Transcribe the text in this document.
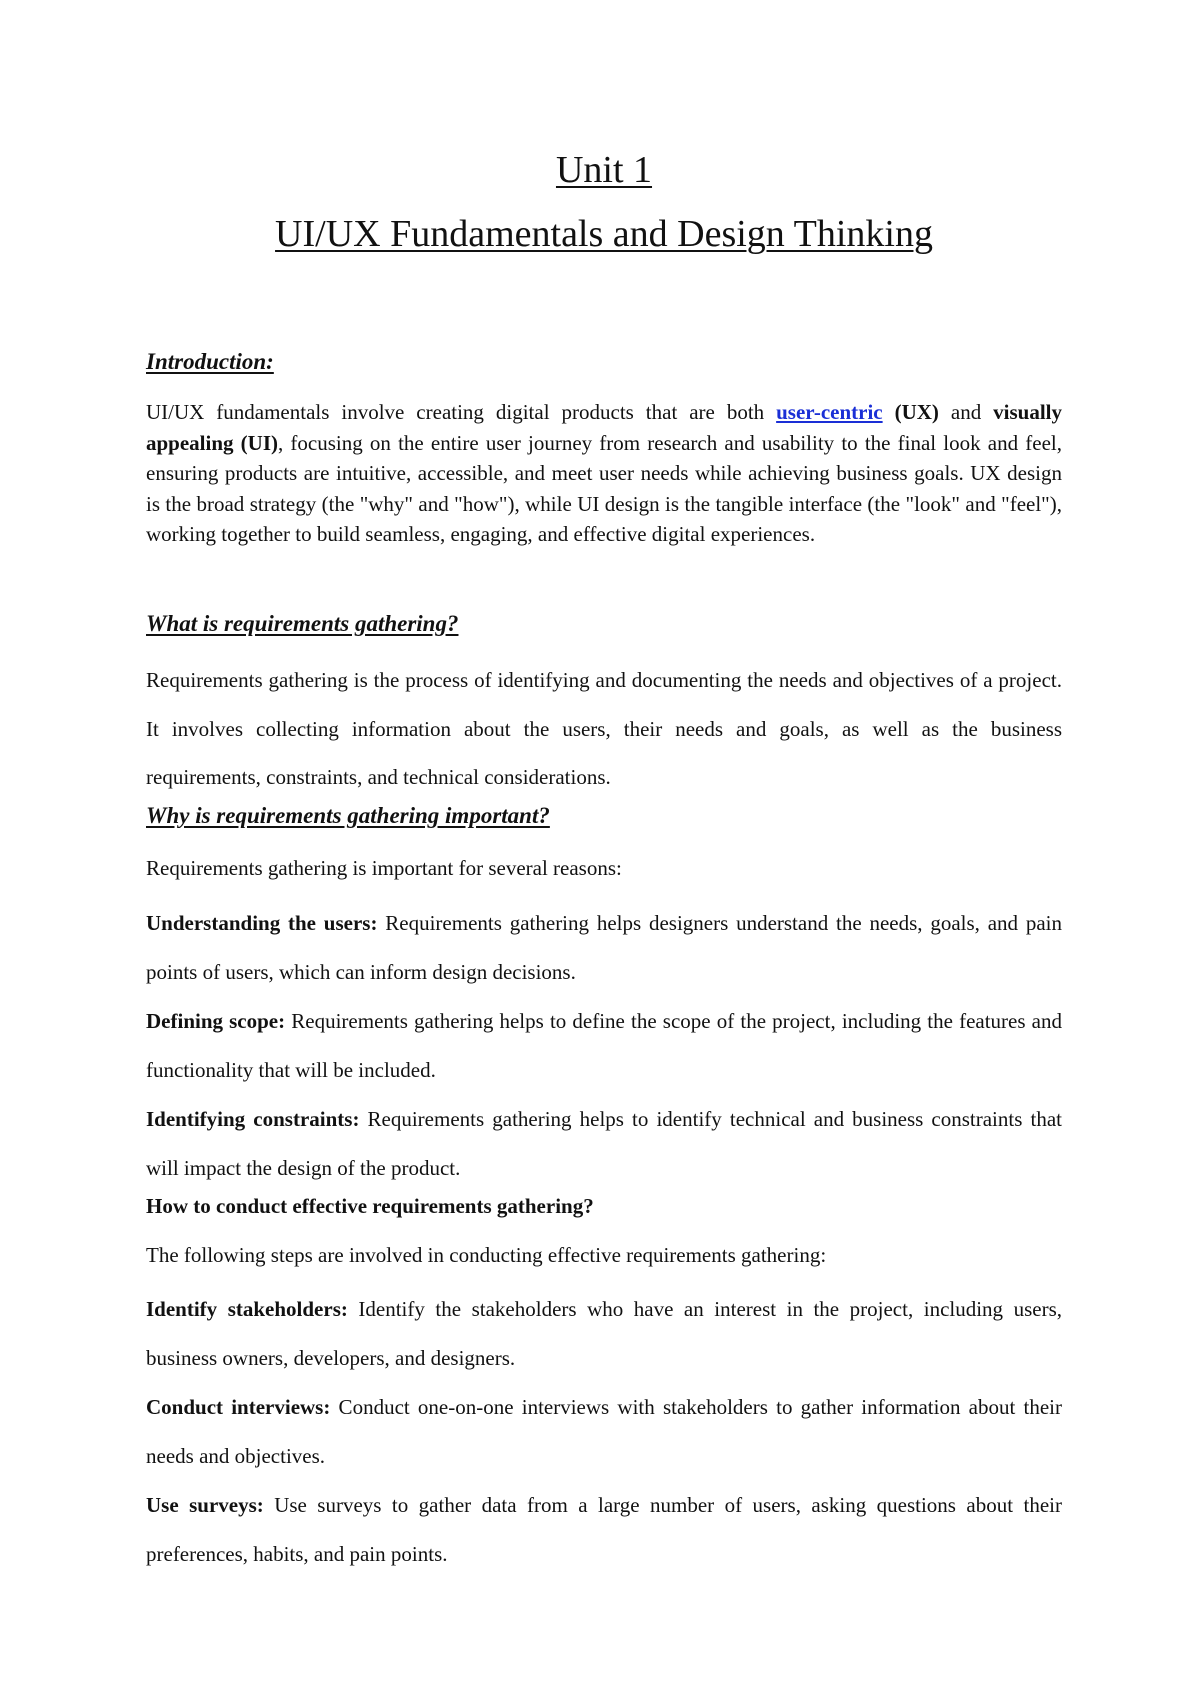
Unit 1
UI/UX Fundamentals and Design Thinking
Introduction:

UI/UX fundamentals involve creating digital products that are both user-centric (UX) and visually appealing (UI), focusing on the entire user journey from research and usability to the final look and feel, ensuring products are intuitive, accessible, and meet user needs while achieving business goals. UX design is the broad strategy (the "why" and "how"), while UI design is the tangible interface (the "look" and "feel"), working together to build seamless, engaging, and effective digital experiences.

What is requirements gathering?

Requirements gathering is the process of identifying and documenting the needs and objectives of a project. It involves collecting information about the users, their needs and goals, as well as the business requirements, constraints, and technical considerations.

Why is requirements gathering important?

Requirements gathering is important for several reasons:

Understanding the users: Requirements gathering helps designers understand the needs, goals, and pain points of users, which can inform design decisions.

Defining scope: Requirements gathering helps to define the scope of the project, including the features and functionality that will be included.

Identifying constraints: Requirements gathering helps to identify technical and business constraints that will impact the design of the product.

How to conduct effective requirements gathering?

The following steps are involved in conducting effective requirements gathering:

Identify stakeholders: Identify the stakeholders who have an interest in the project, including users, business owners, developers, and designers.

Conduct interviews: Conduct one-on-one interviews with stakeholders to gather information about their needs and objectives.

Use surveys: Use surveys to gather data from a large number of users, asking questions about their preferences, habits, and pain points.
